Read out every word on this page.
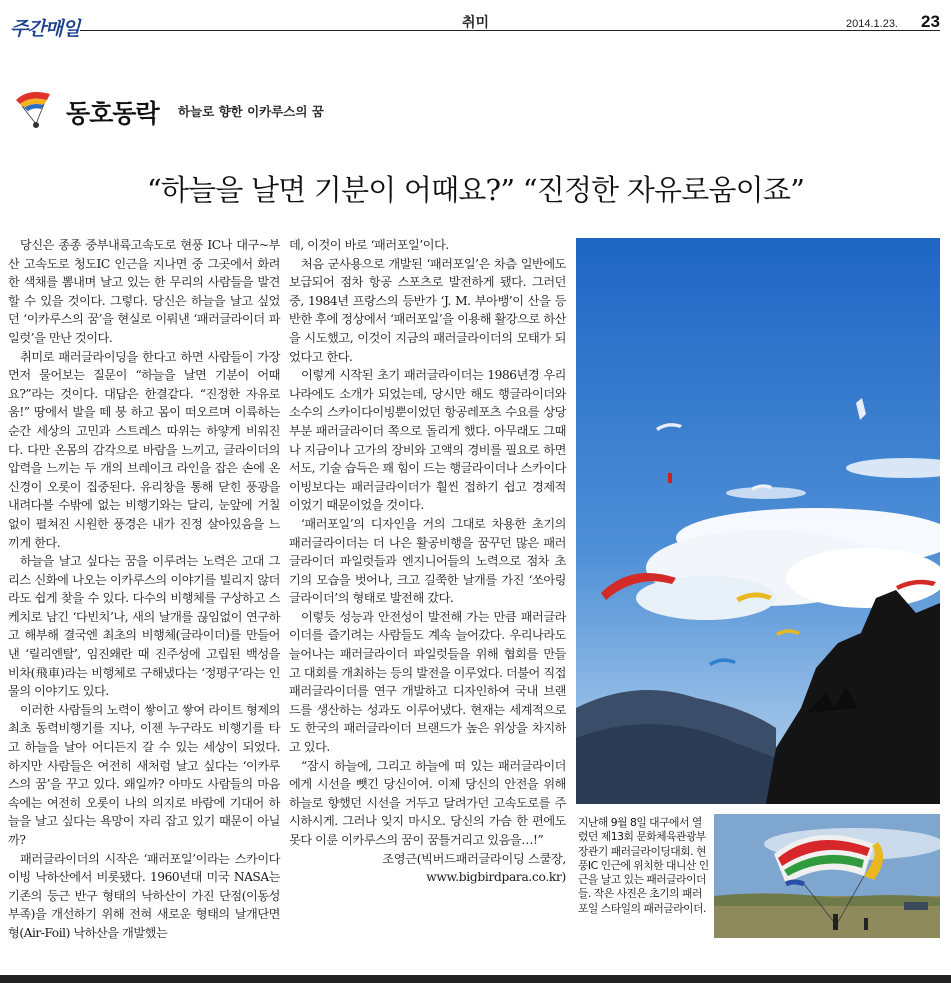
주간매일	취미	2014.1.23. 23
동호동락 하늘로 향한 이카루스의 꿈
“하늘을 날면 기분이 어때요?” “진정한 자유로움이죠”

당신은 종종 중부내륙고속도로 현풍 IC나 대구~부산 고속도로 청도IC 인근을 지나면 중 그곳에서 화려한 색채를 뽐내며 날고 있는 한 무리의 사람들을 발견할 수 있을 것이다. 그렇다. 당신은 하늘을 날고 싶었던 ‘이카루스의 꿈’을 현실로 이뤄낸 ‘패러글라이더 파일럿’을 만난 것이다.

취미로 패러글라이딩을 한다고 하면 사람들이 가장 먼저 물어보는 질문이 “하늘을 날면 기분이 어때요?”라는 것이다. 대답은 한결같다. “진정한 자유로움!” 땅에서 발을 떼 붕 하고 몸이 떠오르며 이륙하는 순간 세상의 고민과 스트레스 따위는 하얗게 비워진다. 다만 온몸의 감각으로 바람을 느끼고, 글라이더의 압력을 느끼는 두 개의 브레이크 라인을 잡은 손에 온 신경이 오롯이 집중된다. 유리창을 통해 닫힌 풍광을 내려다볼 수밖에 없는 비행기와는 달리, 눈앞에 거칠없이 펼쳐진 시원한 풍경은 내가 진정 살아있음을 느끼게 한다.

하늘을 날고 싶다는 꿈을 이루려는 노력은 고대 그리스 신화에 나오는 이카루스의 이야기를 빌리지 않더라도 쉽게 찾을 수 있다. 다수의 비행체를 구상하고 스케치로 남긴 ‘다빈치’나, 새의 날개를 끊임없이 연구하고 해부해 결국엔 최초의 비행체(글라이더)를 만들어낸 ‘릴리엔탈’, 임진왜란 때 진주성에 고립된 백성을 비차(飛車)라는 비행체로 구해냈다는 ‘정평구’라는 인물의 이야기도 있다.

이러한 사람들의 노력이 쌓이고 쌓여 라이트 형제의 최초 동력비행기를 지나, 이젠 누구라도 비행기를 타고 하늘을 날아 어디든지 갈 수 있는 세상이 되었다. 하지만 사람들은 여전히 새처럼 날고 싶다는 ‘이카루스의 꿈’을 꾸고 있다. 왜일까? 아마도 사람들의 마음속에는 여전히 오롯이 나의 의지로 바람에 기대어 하늘을 날고 싶다는 욕망이 자리 잡고 있기 때문이 아닐까?

패러글라이더의 시작은 ‘패러포일’이라는 스카이다이빙 낙하산에서 비롯됐다. 1960년대 미국 NASA는 기존의 둥근 반구 형태의 낙하산이 가진 단점(이동성 부족)을 개선하기 위해 전혀 새로운 형태의 날개단면형(Air-Foil) 낙하산을 개발했는

데, 이것이 바로 ‘패러포일’이다.

처음 군사용으로 개발된 ‘패러포일’은 차츰 일반에도 보급되어 점차 항공 스포츠로 발전하게 됐다. 그러던 중, 1984년 프랑스의 등반가 ‘J. M. 부아뱅’이 산을 등반한 후에 정상에서 ‘패러포일’을 이용해 활강으로 하산을 시도했고, 이것이 지금의 패러글라이더의 모태가 되었다고 한다.

이렇게 시작된 초기 패러글라이더는 1986년경 우리나라에도 소개가 되었는데, 당시만 해도 행글라이더와 소수의 스카이다이빙뿐이었던 항공레포츠 수요를 상당 부분 패러글라이더 쪽으로 돌리게 했다. 아무래도 그때나 지금이나 고가의 장비와 고액의 경비를 필요로 하면서도, 기술 습득은 꽤 힘이 드는 행글라이더나 스카이다이빙보다는 패러글라이더가 훨씬 접하기 쉽고 경제적이었기 때문이었을 것이다.

‘패러포일’의 디자인을 거의 그대로 차용한 초기의 패러글라이더는 더 나은 활공비행을 꿈꾸던 많은 패러글라이더 파일럿들과 엔지니어들의 노력으로 점차 초기의 모습을 벗어나, 크고 길쭉한 날개를 가진 ‘쏘아링 글라이더’의 형태로 발전해 갔다.

이렇듯 성능과 안전성이 발전해 가는 만큼 패러글라이더를 즐기려는 사람들도 계속 늘어갔다. 우리나라도 늘어나는 패러글라이더 파일럿들을 위해 협회를 만들고 대회를 개최하는 등의 발전을 이루었다. 더불어 직접 패러글라이더를 연구 개발하고 디자인하여 국내 브랜드를 생산하는 성과도 이루어냈다. 현재는 세계적으로도 한국의 패러글라이더 브랜드가 높은 위상을 차지하고 있다.

“잠시 하늘에, 그리고 하늘에 떠 있는 패러글라이더에게 시선을 뺏긴 당신이여. 이제 당신의 안전을 위해 하늘로 향했던 시선을 거두고 달려가던 고속도로를 주시하시게. 그러나 잊지 마시오. 당신의 가슴 한 편에도 못다 이룬 이카루스의 꿈이 꿈틀거리고 있음을…!”

조영근(빅버드패러글라이딩 스쿨장,

www.bigbirdpara.co.kr)

지난해 9월 8일 대구에서 열렸던 제13회 문화체육관광부장관기 패러글라이딩대회. 현풍IC 인근에 위치한 대니산 인근을 날고 있는 패러글라이더들. 작은 사진은 초기의 패러포일 스타일의 패러글라이더.
